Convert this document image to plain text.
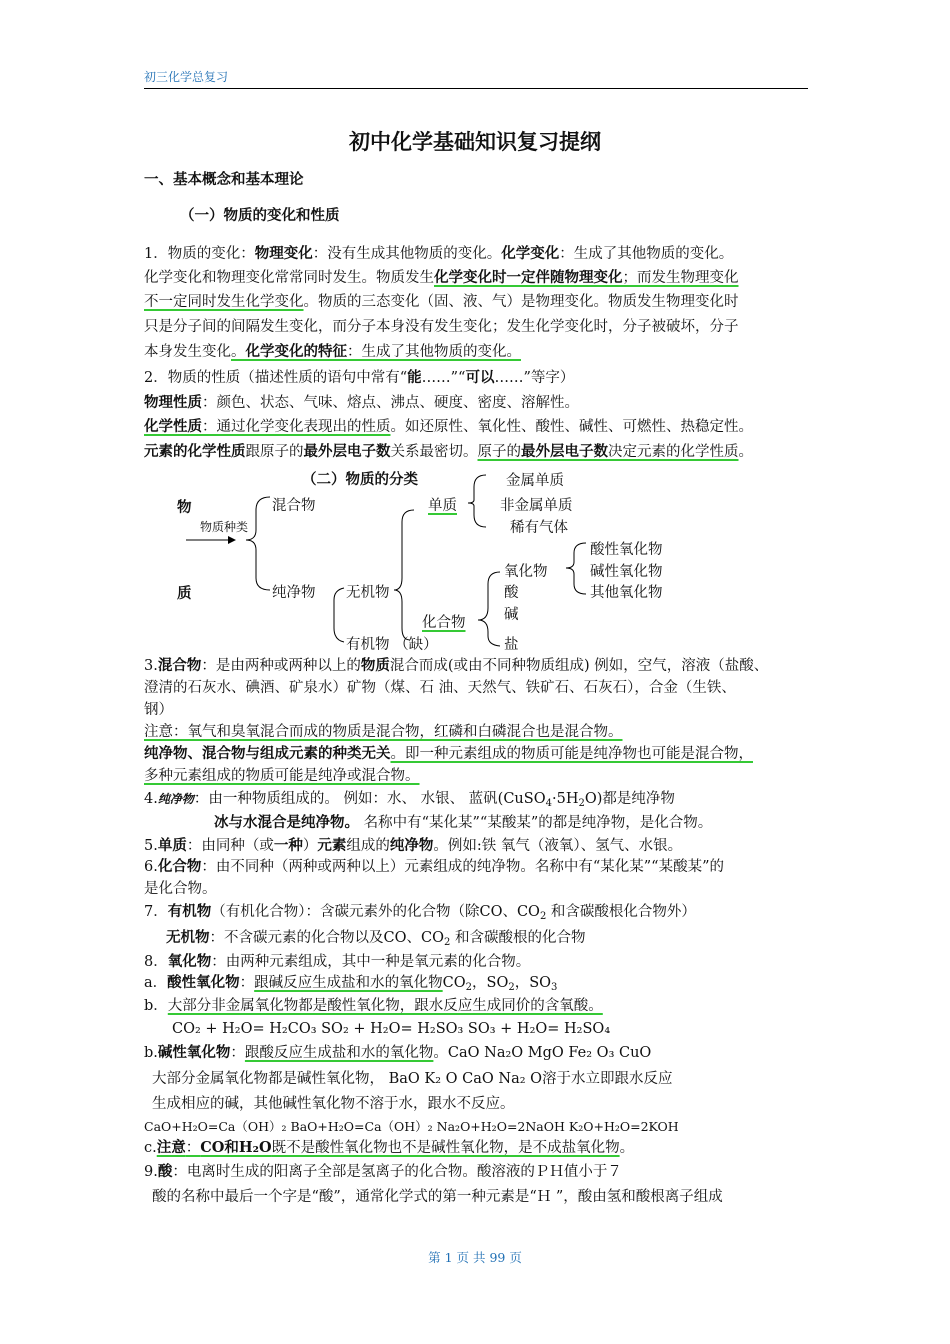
初三化学总复习
初中化学基础知识复习提纲
一、基本概念和基本理论
（一）物质的变化和性质
1．物质的变化：物理变化：没有生成其他物质的变化。化学变化：生成了其他物质的变化。
化学变化和物理变化常常同时发生。物质发生化学变化时一定伴随物理变化；而发生物理变化
不一定同时发生化学变化。物质的三态变化（固、液、气）是物理变化。物质发生物理变化时
只是分子间的间隔发生变化，而分子本身没有发生变化；发生化学变化时，分子被破坏，分子
本身发生变化。化学变化的特征：生成了其他物质的变化。
2．物质的性质（描述性质的语句中常有“能……”“可以……”等字）
物理性质：颜色、状态、气味、熔点、沸点、硬度、密度、溶解性。
化学性质：通过化学变化表现出的性质。如还原性、氧化性、酸性、碱性、可燃性、热稳定性。
元素的化学性质跟原子的最外层电子数关系最密切。原子的最外层电子数决定元素的化学性质。
（二）物质的分类
物
质
物质种类
混合物
纯净物
单质
无机物
化合物
有机物 （缺）
金属单质
非金属单质
稀有气体
氧化物
酸
碱
盐
酸性氧化物
碱性氧化物
其他氧化物
3.混合物：是由两种或两种以上的物质混合而成(或由不同种物质组成) 例如，空气，溶液（盐酸、
澄清的石灰水、碘酒、矿泉水）矿物（煤、石 油、天然气、铁矿石、石灰石），合金（生铁、
钢）
注意：氧气和臭氧混合而成的物质是混合物，红磷和白磷混合也是混合物。
纯净物、混合物与组成元素的种类无关。即一种元素组成的物质可能是纯净物也可能是混合物，
多种元素组成的物质可能是纯净或混合物。
4.纯净物：由一种物质组成的。 例如：水、 水银、 蓝矾$(CuSO_4\cdot 5H_2O)$都是纯净物
冰与水混合是纯净物。 名称中有“某化某”“某酸某”的都是纯净物，是化合物。
5.单质：由同种（或一种）元素组成的纯净物。例如:铁 氧气（液氧）、氢气、水银。
6.化合物：由不同种（两种或两种以上）元素组成的纯净物。名称中有“某化某”“某酸某”的
是化合物。
7．有机物（有机化合物）：含碳元素外的化合物（除CO、$CO_2$ 和含碳酸根化合物外）
无机物：不含碳元素的化合物以及CO、$CO_2$ 和含碳酸根的化合物
8．氧化物：由两种元素组成，其中一种是氧元素的化合物。
a．酸性氧化物：跟碱反应生成盐和水的氧化物$CO_2$，$SO_2$，$SO_3$
b．大部分非金属氧化物都是酸性氧化物，跟水反应生成同价的含氧酸。
CO₂ + H₂O= H₂CO₃ SO₂ + H₂O= H₂SO₃ SO₃ + H₂O= H₂SO₄
b.碱性氧化物：跟酸反应生成盐和水的氧化物。CaO Na₂O MgO Fe₂ O₃ CuO
大部分金属氧化物都是碱性氧化物， BaO K₂ O CaO Na₂ O溶于水立即跟水反应
生成相应的碱，其他碱性氧化物不溶于水，跟水不反应。
CaO+H₂O=Ca（OH）₂ BaO+H₂O=Ca（OH）₂ Na₂O+H₂O=2NaOH K₂O+H₂O=2KOH
c.注意：CO和H₂O既不是酸性氧化物也不是碱性氧化物，是不成盐氧化物。
9.酸：电离时生成的阳离子全部是氢离子的化合物。酸溶液的ＰＨ值小于７
酸的名称中最后一个字是“酸”，通常化学式的第一种元素是“Ｈ ”，酸由氢和酸根离子组成
第 1 页 共 99 页
